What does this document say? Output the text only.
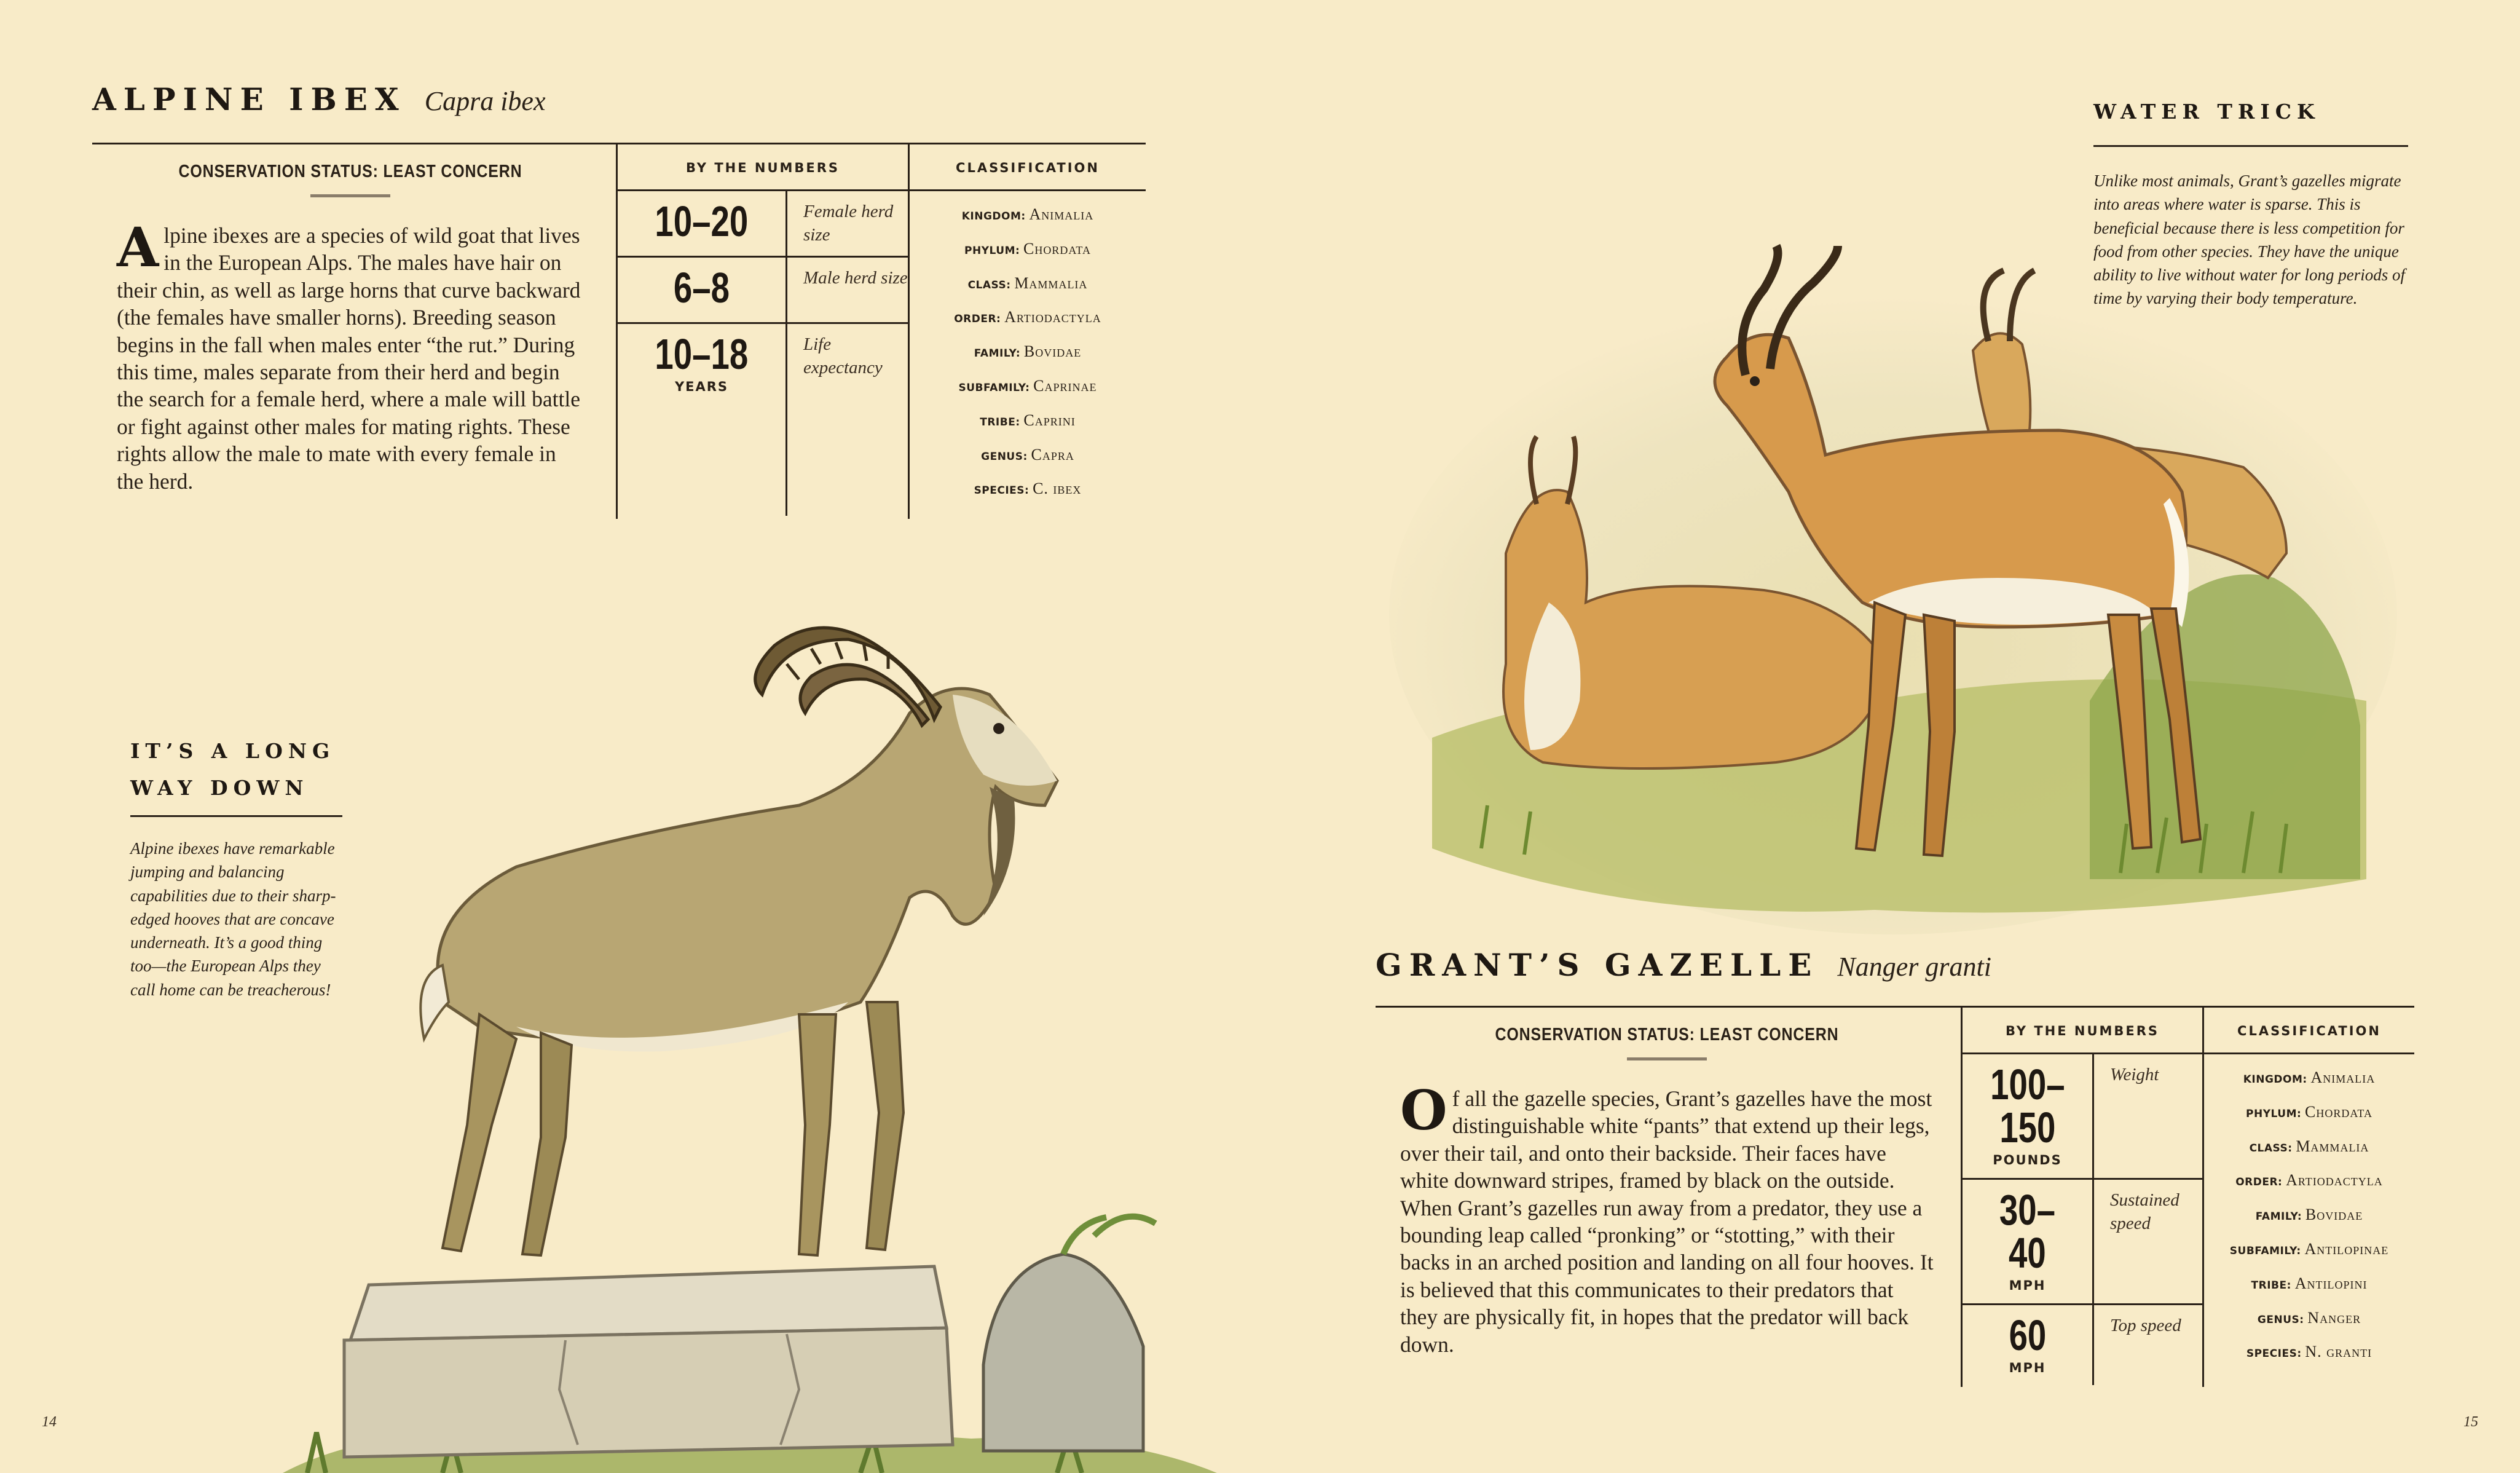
ALPINE IBEX Capra ibex
CONSERVATION STATUS: LEAST CONCERN
Alpine ibexes are a species of wild goat that lives in the European Alps. The males have hair on their chin, as well as large horns that curve backward (the females have smaller horns). Breeding season begins in the fall when males enter “the rut.” During this time, males separate from their herd and begin the search for a female herd, where a male will battle or fight against other males for mating rights. These rights allow the male to mate with every female in the herd.
BY THE NUMBERS
10–20	Female herd size
6–8	Male herd size
10–18
YEARS
Life expectancy
CLASSIFICATION
KINGDOM: Animalia
PHYLUM: Chordata
CLASS: Mammalia
ORDER: Artiodactyla
FAMILY: Bovidae
SUBFAMILY: Caprinae
TRIBE: Caprini
GENUS: Capra
SPECIES: C. ibex
IT’S A LONG
WAY DOWN
Alpine ibexes have remarkable jumping and balancing capabilities due to their sharp-edged hooves that are concave underneath. It’s a good thing too—the European Alps they call home can be treacherous!
14
WATER TRICK
Unlike most animals, Grant’s gazelles migrate into areas where water is sparse. This is beneficial because there is less competition for food from other species. They have the unique ability to live without water for long periods of time by varying their body temperature.
GRANT’S GAZELLE Nanger granti
CONSERVATION STATUS: LEAST CONCERN
Of all the gazelle species, Grant’s gazelles have the most distinguishable white “pants” that extend up their legs, over their tail, and onto their backside. Their faces have white downward stripes, framed by black on the outside. When Grant’s gazelles run away from a predator, they use a bounding leap called “pronking” or “stotting,” with their backs in an arched position and landing on all four hooves. It is believed that this communicates to their predators that they are physically fit, in hopes that the predator will back down.
BY THE NUMBERS
100–
150
POUNDS
Weight
30–
40
MPH
Sustained speed
60
MPH
Top speed
CLASSIFICATION
KINGDOM: Animalia
PHYLUM: Chordata
CLASS: Mammalia
ORDER: Artiodactyla
FAMILY: Bovidae
SUBFAMILY: Antilopinae
TRIBE: Antilopini
GENUS: Nanger
SPECIES: N. granti
15
